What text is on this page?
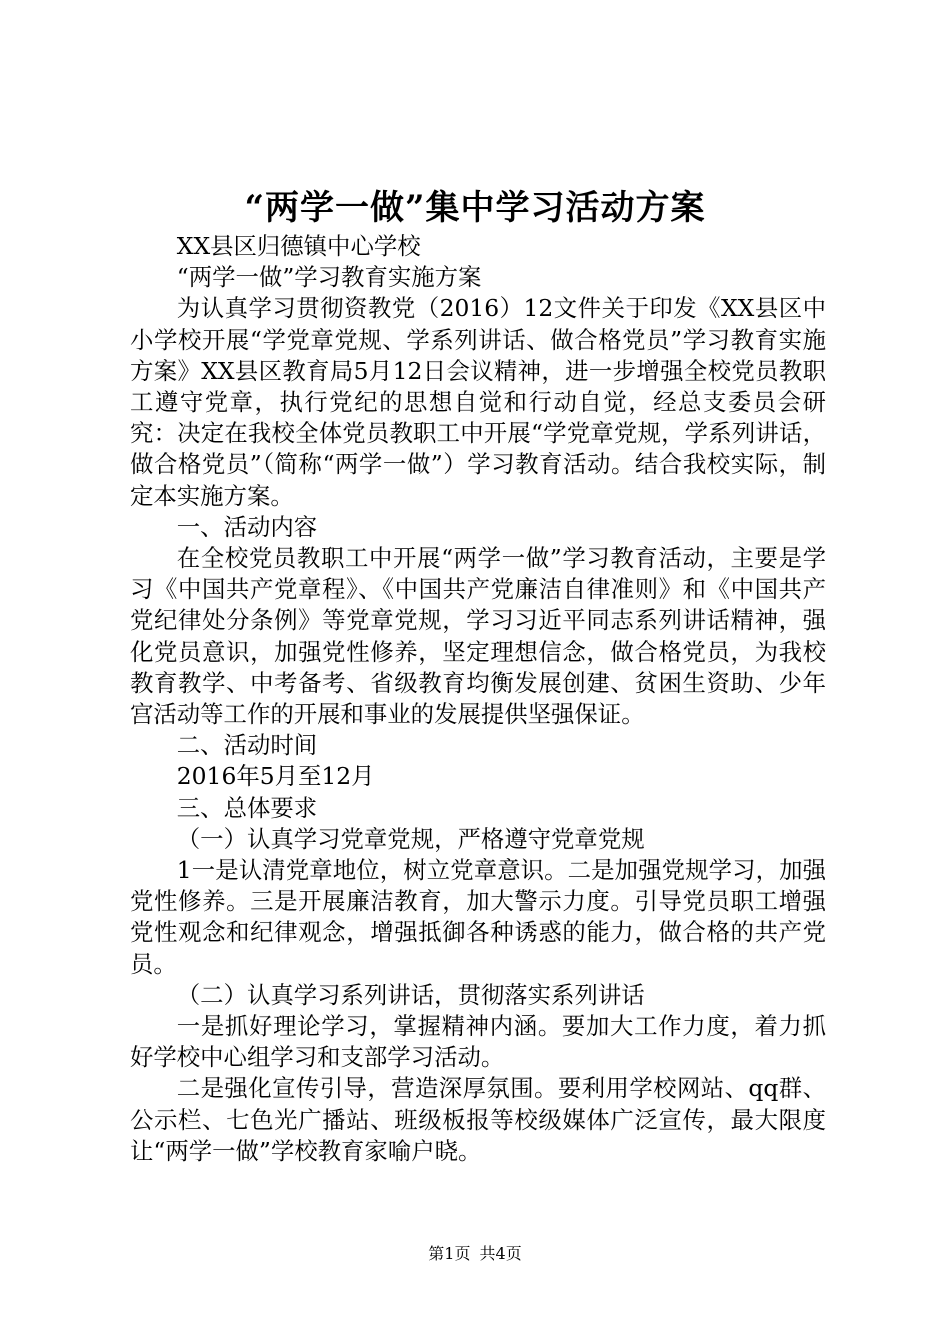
“两学一做”集中学习活动方案

XX县区归德镇中心学校

“两学一做”学习教育实施方案

为认真学习贯彻资教党（2016）12文件关于印发《XX县区中小学校开展“学党章党规、学系列讲话、做合格党员”学习教育实施方案》XX县区教育局5月12日会议精神，进一步增强全校党员教职工遵守党章，执行党纪的思想自觉和行动自觉，经总支委员会研究：决定在我校全体党员教职工中开展“学党章党规，学系列讲话，做合格党员”（简称“两学一做”）学习教育活动。结合我校实际，制定本实施方案。

一、活动内容

在全校党员教职工中开展“两学一做”学习教育活动，主要是学习《中国共产党章程》、《中国共产党廉洁自律准则》和《中国共产党纪律处分条例》等党章党规，学习习近平同志系列讲话精神，强化党员意识，加强党性修养，坚定理想信念，做合格党员，为我校教育教学、中考备考、省级教育均衡发展创建、贫困生资助、少年宫活动等工作的开展和事业的发展提供坚强保证。

二、活动时间

2016年5月至12月

三、总体要求

（一）认真学习党章党规，严格遵守党章党规

1一是认清党章地位，树立党章意识。二是加强党规学习，加强党性修养。三是开展廉洁教育，加大警示力度。引导党员职工增强党性观念和纪律观念，增强抵御各种诱惑的能力，做合格的共产党员。

（二）认真学习系列讲话，贯彻落实系列讲话

一是抓好理论学习，掌握精神内涵。要加大工作力度，着力抓好学校中心组学习和支部学习活动。

二是强化宣传引导，营造深厚氛围。要利用学校网站、qq群、公示栏、七色光广播站、班级板报等校级媒体广泛宣传，最大限度让“两学一做”学校教育家喻户晓。

第1页 共4页
